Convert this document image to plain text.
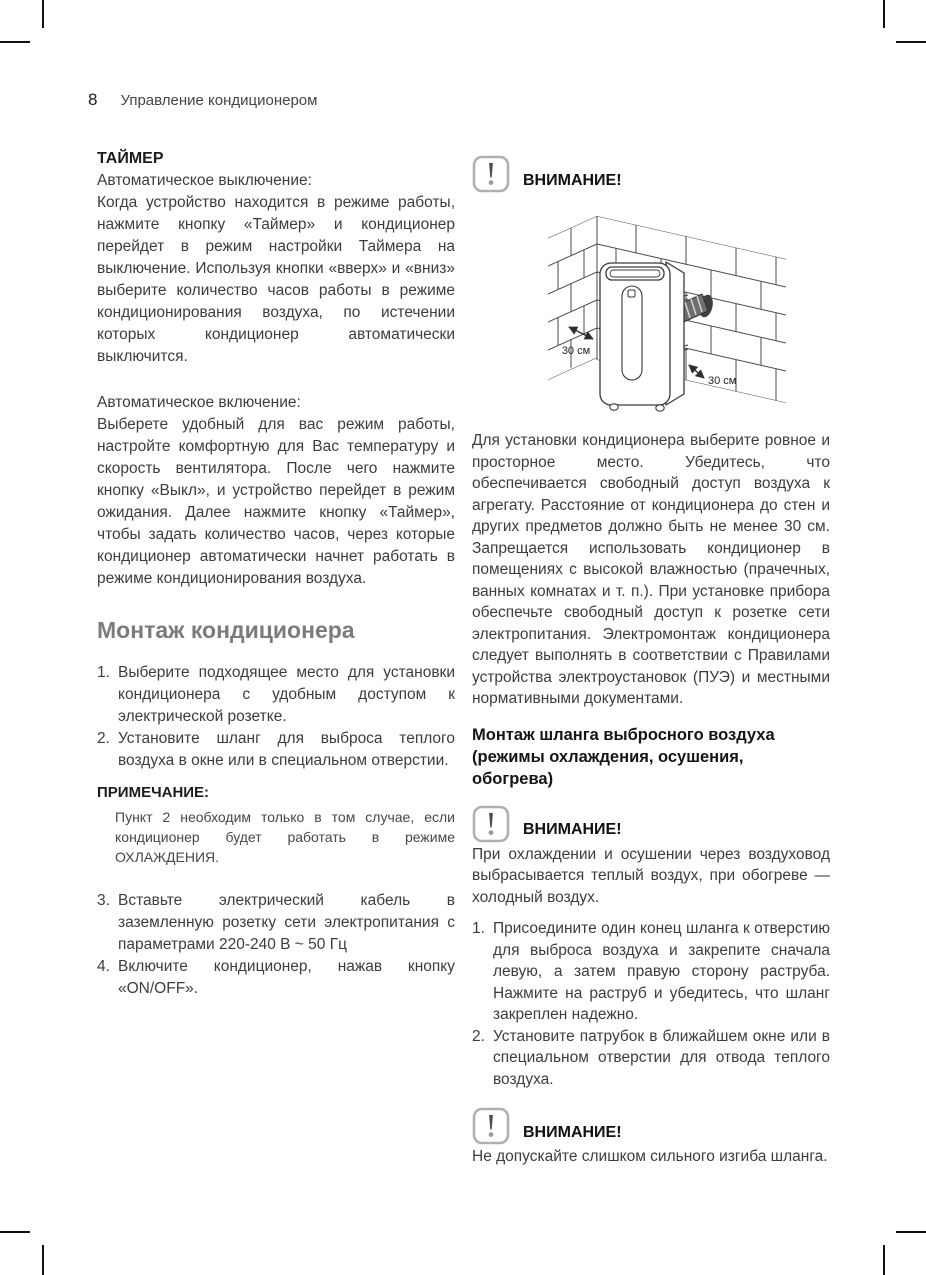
8 Управление кондиционером

ТАЙМЕР

Автоматическое выключение:

Когда устройство находится в режиме работы, нажмите кнопку «Таймер» и кондиционер перейдет в режим настройки Таймера на выключение. Используя кнопки «вверх» и «вниз» выберите количество часов работы в режиме кондиционирования воздуха, по истечении которых кондиционер автоматически выключится.

Автоматическое включение:

Выберете удобный для вас режим работы, настройте комфортную для Вас температуру и скорость вентилятора. После чего нажмите кнопку «Выкл», и устройство перейдет в режим ожидания. Далее нажмите кнопку «Таймер», чтобы задать количество часов, через которые кондиционер автоматически начнет работать в режиме кондиционирования воздуха.

Монтаж кондиционера
1. Выберите подходящее место для установки кондиционера с удобным доступом к электрической розетке.
2. Установите шланг для выброса теплого воздуха в окне или в специальном отверстии.

ПРИМЕЧАНИЕ:

Пункт 2 необходим только в том случае, если кондиционер будет работать в режиме ОХЛАЖДЕНИЯ.

3. Вставьте электрический кабель в заземленную розетку сети электропитания с параметрами 220-240 В ~ 50 Гц
4. Включите кондиционер, нажав кнопку «ON/OFF».
ВНИМАНИЕ!
30 см
30 см

Для установки кондиционера выберите ровное и просторное место. Убедитесь, что обеспечивается свободный доступ воздуха к агрегату. Расстояние от кондиционера до стен и других предметов должно быть не менее 30 см. Запрещается использовать кондиционер в помещениях с высокой влажностью (прачечных, ванных комнатах и т. п.). При установке прибора обеспечьте свободный доступ к розетке сети электропитания. Электромонтаж кондиционера следует выполнять в соответствии с Правилами устройства электроустановок (ПУЭ) и местными нормативными документами.

Монтаж шланга выбросного воздуха
(режимы охлаждения, осушения,
обогрева)
ВНИМАНИЕ!

При охлаждении и осушении через воздуховод выбрасывается теплый воздух, при обогреве — холодный воздух.

1. Присоедините один конец шланга к отверстию для выброса воздуха и закрепите сначала левую, а затем правую сторону раструба. Нажмите на раструб и убедитесь, что шланг закреплен надежно.
2. Установите патрубок в ближайшем окне или в специальном отверстии для отвода теплого воздуха.
ВНИМАНИЕ!

Не допускайте слишком сильного изгиба шланга.
